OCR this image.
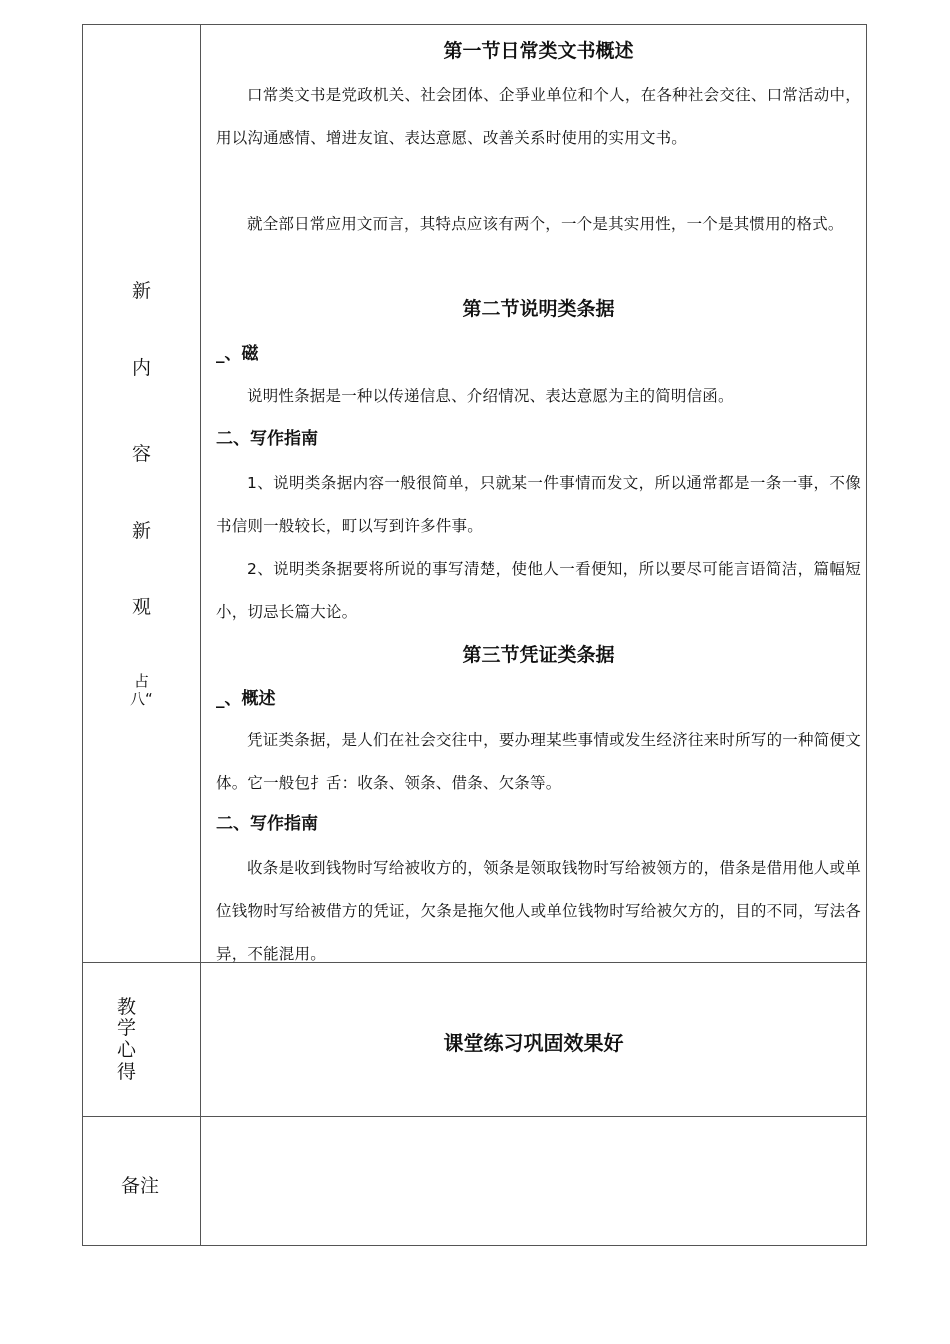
新
内
容
新
观
占
八“
教
学
心
得
课堂练习巩固效果好
备注
第一节日常类文书概述
口常类文书是党政机关、社会团体、企爭业单位和个人，在各种社会交往、口常活动中，用以沟通感情、增进友谊、表达意愿、改善关系时使用的实用文书。
就全部日常应用文而言，其特点应该有两个，一个是其实用性，一个是其惯用的格式。
第二节说明类条据
_、磁
说明性条据是一种以传递信息、介绍情况、表达意愿为主的简明信函。
二、写作指南
1、说明类条据内容一般很简单，只就某一件事情而发文，所以通常都是一条一事，不像书信则一般较长，町以写到许多件事。
2、说明类条据要将所说的事写清楚，使他人一看便知，所以要尽可能言语简洁，篇幅短小，切忌长篇大论。
第三节凭证类条据
_、概述
凭证类条据，是人们在社会交往中，要办理某些事情或发生经济往来时所写的一种简便文体。它一般包扌舌：收条、领条、借条、欠条等。
二、写作指南
收条是收到钱物时写给被收方的，领条是领取钱物时写给被领方的，借条是借用他人或单位钱物时写给被借方的凭证，欠条是拖欠他人或单位钱物时写给被欠方的，目的不同，写法各异，不能混用。
